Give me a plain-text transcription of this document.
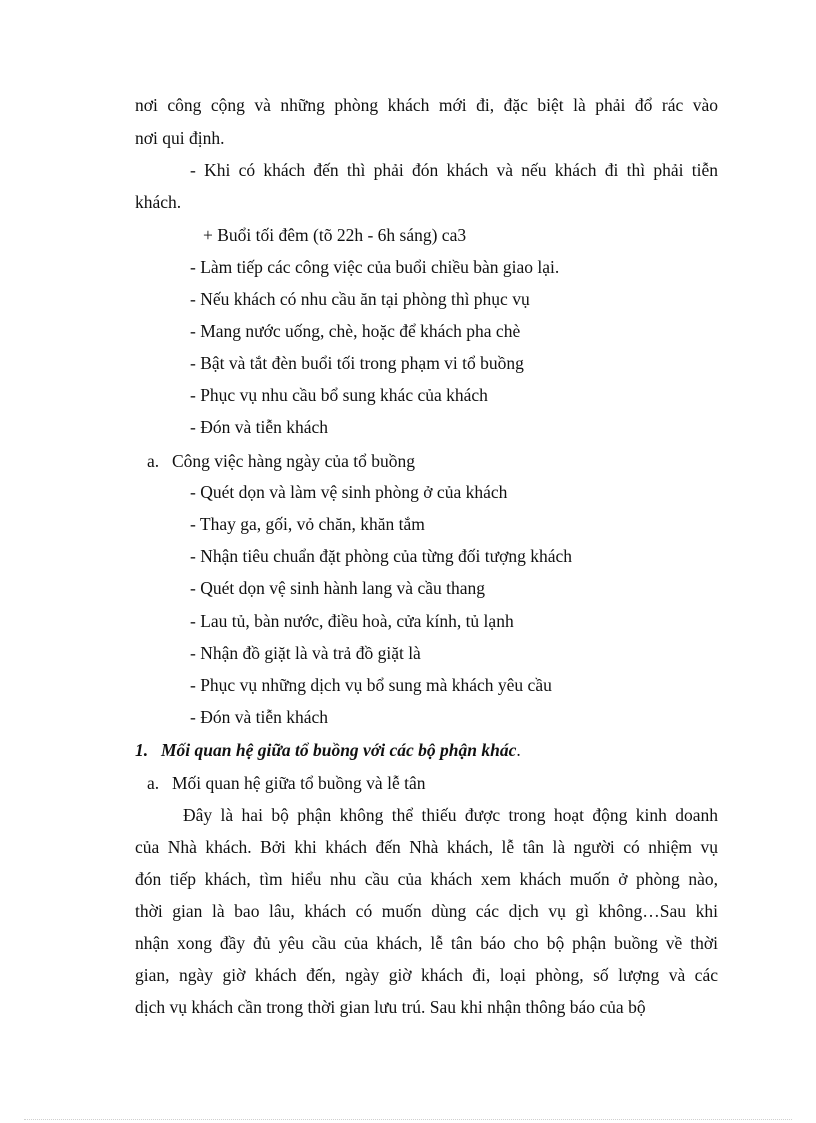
nơi công cộng và những phòng khách mới đi, đặc biệt là phải đổ rác vào
nơi qui định.
- Khi có khách đến thì phải đón khách và nếu khách đi thì phải tiễn
khách.
+ Buổi tối đêm (tõ 22h - 6h sáng) ca3
- Làm tiếp các công việc của buổi chiều bàn giao lại.
- Nếu khách có nhu cầu ăn tại phòng thì phục vụ
- Mang nước uống, chè, hoặc để khách pha chè
- Bật và tắt đèn buổi tối trong phạm vi tổ buồng
- Phục vụ nhu cầu bổ sung khác của khách
- Đón và tiễn khách
a. Công việc hàng ngày của tổ buồng
- Quét dọn và làm vệ sinh phòng ở của khách
- Thay ga, gối, vỏ chăn, khăn tắm
- Nhận tiêu chuẩn đặt phòng của từng đối tượng khách
- Quét dọn vệ sinh hành lang và cầu thang
- Lau tủ, bàn nước, điều hoà, cửa kính, tủ lạnh
- Nhận đồ giặt là và trả đồ giặt là
- Phục vụ những dịch vụ bổ sung mà khách yêu cầu
- Đón và tiễn khách
1. Mối quan hệ giữa tổ buồng với các bộ phận khác.
a. Mối quan hệ giữa tổ buồng và lễ tân
Đây là hai bộ phận không thể thiếu được trong hoạt động kinh doanh
của Nhà khách. Bởi khi khách đến Nhà khách, lễ tân là người có nhiệm vụ
đón tiếp khách, tìm hiểu nhu cầu của khách xem khách muốn ở phòng nào,
thời gian là bao lâu, khách có muốn dùng các dịch vụ gì không…Sau khi
nhận xong đầy đủ yêu cầu của khách, lễ tân báo cho bộ phận buồng về thời
gian, ngày giờ khách đến, ngày giờ khách đi, loại phòng, số lượng và các
dịch vụ khách cần trong thời gian lưu trú. Sau khi nhận thông báo của bộ
